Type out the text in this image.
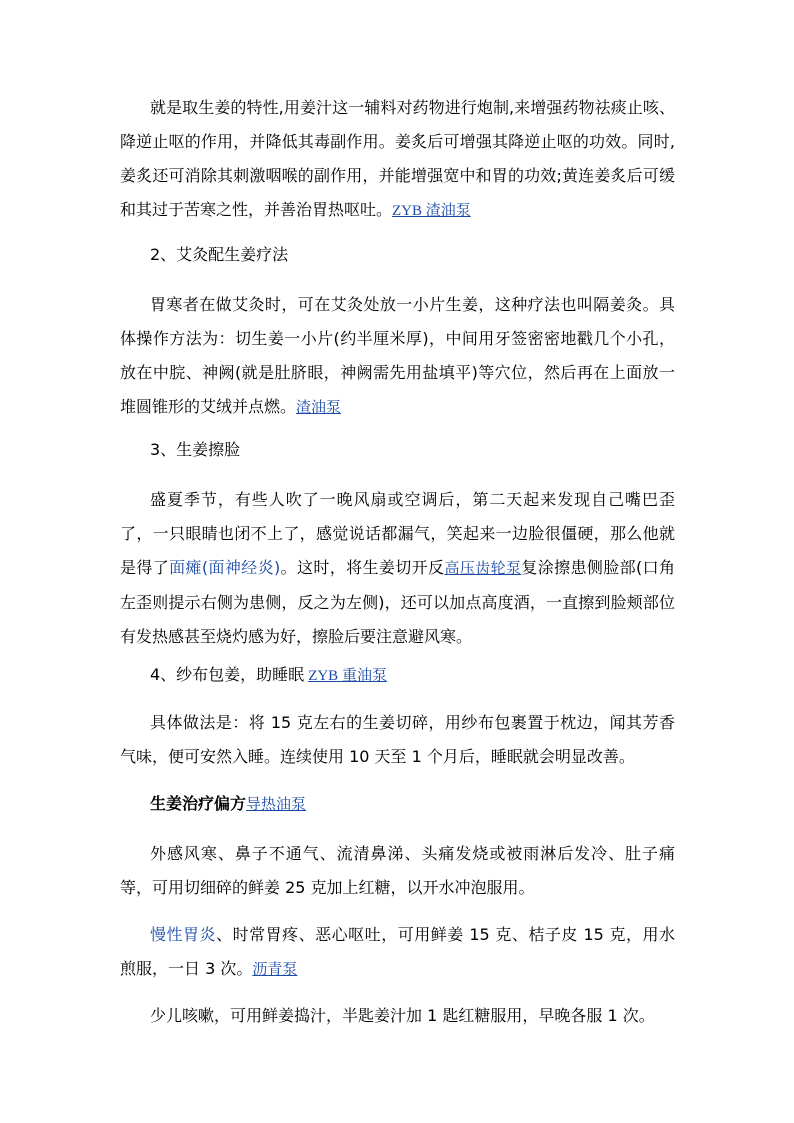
就是取生姜的特性,用姜汁这一辅料对药物进行炮制,来增强药物祛痰止咳、降逆止呕的作用，并降低其毒副作用。姜炙后可增强其降逆止呕的功效。同时,姜炙还可消除其刺激咽喉的副作用，并能增强宽中和胃的功效;黄连姜炙后可缓和其过于苦寒之性，并善治胃热呕吐。ZYB 渣油泵

2、艾灸配生姜疗法

胃寒者在做艾灸时，可在艾灸处放一小片生姜，这种疗法也叫隔姜灸。具体操作方法为：切生姜一小片(约半厘米厚)，中间用牙签密密地戳几个小孔，放在中脘、神阙(就是肚脐眼，神阙需先用盐填平)等穴位，然后再在上面放一堆圆锥形的艾绒并点燃。渣油泵

3、生姜擦脸

盛夏季节，有些人吹了一晚风扇或空调后，第二天起来发现自己嘴巴歪了，一只眼睛也闭不上了，感觉说话都漏气，笑起来一边脸很僵硬，那么他就是得了面瘫(面神经炎)。这时，将生姜切开反高压齿轮泵复涂擦患侧脸部(口角左歪则提示右侧为患侧，反之为左侧)，还可以加点高度酒，一直擦到脸颊部位有发热感甚至烧灼感为好，擦脸后要注意避风寒。

4、纱布包姜，助睡眠 ZYB 重油泵

具体做法是：将 15 克左右的生姜切碎，用纱布包裹置于枕边，闻其芳香气味，便可安然入睡。连续使用 10 天至 1 个月后，睡眠就会明显改善。

生姜治疗偏方导热油泵

外感风寒、鼻子不通气、流清鼻涕、头痛发烧或被雨淋后发冷、肚子痛等，可用切细碎的鲜姜 25 克加上红糖，以开水冲泡服用。

慢性胃炎、时常胃疼、恶心呕吐，可用鲜姜 15 克、桔子皮 15 克，用水煎服，一日 3 次。沥青泵

少儿咳嗽，可用鲜姜捣汁，半匙姜汁加 1 匙红糖服用，早晚各服 1 次。
